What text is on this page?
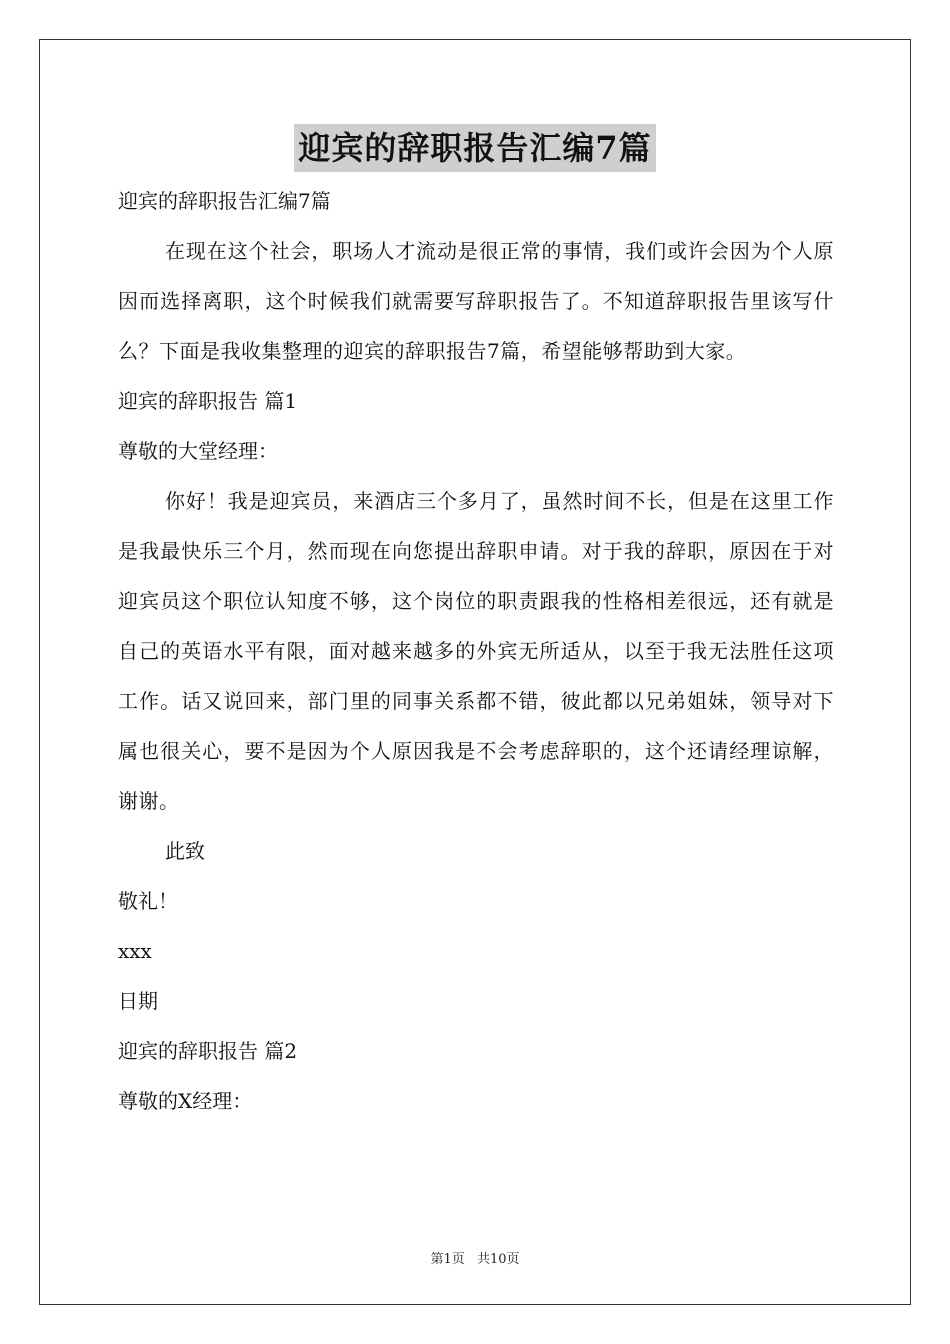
迎宾的辞职报告汇编7篇

迎宾的辞职报告汇编7篇

在现在这个社会，职场人才流动是很正常的事情，我们或许会因为个人原因而选择离职，这个时候我们就需要写辞职报告了。不知道辞职报告里该写什么？下面是我收集整理的迎宾的辞职报告7篇，希望能够帮助到大家。

迎宾的辞职报告 篇1

尊敬的大堂经理：

你好！我是迎宾员，来酒店三个多月了，虽然时间不长，但是在这里工作是我最快乐三个月，然而现在向您提出辞职申请。对于我的辞职，原因在于对迎宾员这个职位认知度不够，这个岗位的职责跟我的性格相差很远，还有就是自己的英语水平有限，面对越来越多的外宾无所适从，以至于我无法胜任这项工作。话又说回来，部门里的同事关系都不错，彼此都以兄弟姐妹，领导对下属也很关心，要不是因为个人原因我是不会考虑辞职的，这个还请经理谅解，谢谢。

此致

敬礼！

xxx

日期

迎宾的辞职报告 篇2

尊敬的X经理：

第1页 共10页
